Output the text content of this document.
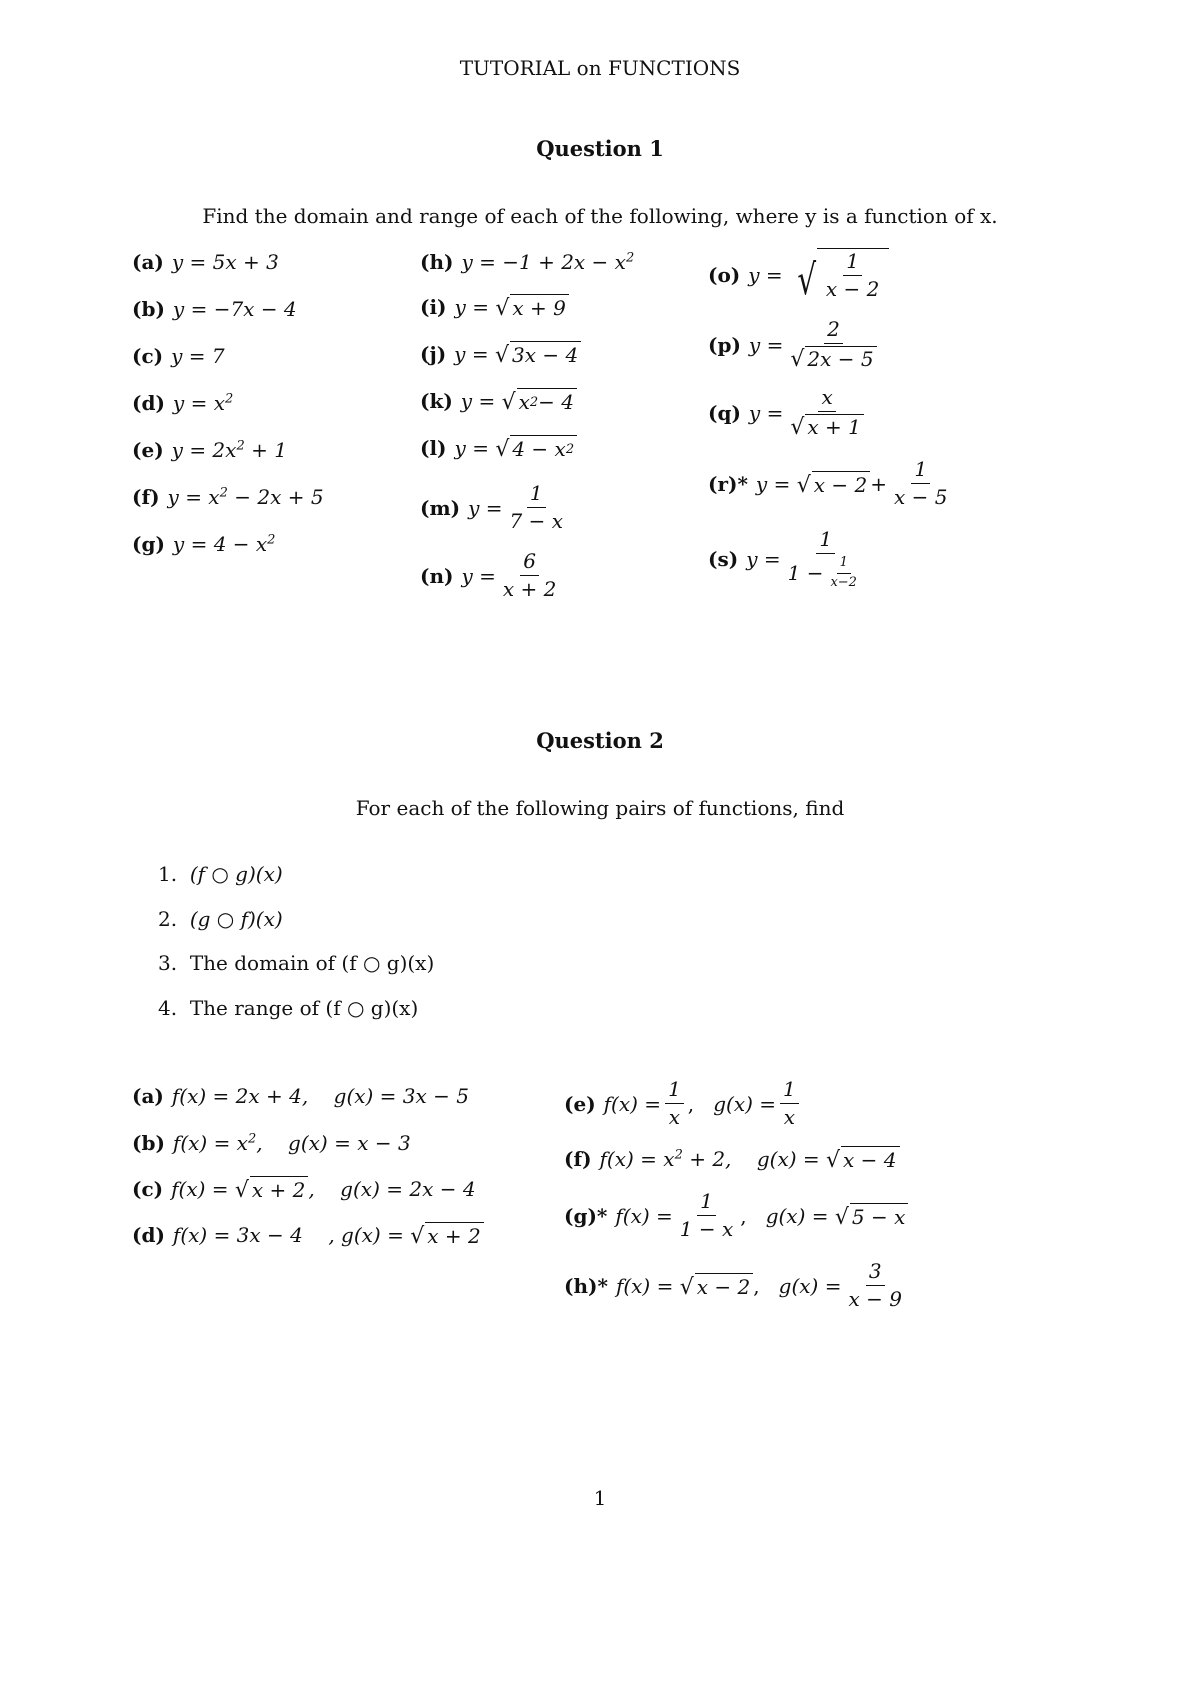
TUTORIAL on FUNCTIONS
Question 1
Find the domain and range of each of the following, where y is a function of x.
(a) y = 5x + 3
(b) y = −7x − 4
(c) y = 7
(d) $y = x^2$
(e) $y = 2x^2 + 1$
(f) $y = x^2 - 2x + 5$
(g) $y = 4 - x^2$
(h) $y = -1 + 2x - x^2$
(i) y =
√ x + 9
(j) y =
√ 3x − 4
(k) y =
√ x 2 − 4
(l) y =
√ 4 − x 2
(m) $y = \frac{1}{7 - x}$
(n) $y = \frac{6}{x + 2}$
(o) y =
√ $\frac{1}{x - 2}$
(p) $y = \frac{2}{√ 2x - 5}$
(q) $y = \frac{x}{√ x + 1}$
(r)* y =
√ $x - 2 + \frac{1}{x - 5}$
(s) $y = \frac{1}{1 - \frac{1}{x-2}}$
Question 2
For each of the following pairs of functions, find
1. (f ○ g)(x)
2. (g ○ f)(x)
3. The domain of (f ○ g)(x)
4. The range of (f ○ g)(x)
(a) f(x) = 2x + 4,    g(x) = 3x − 5
(b) $f(x) = x^2$,    g(x) = x − 3
(c) f(x) =
√ x + 2 ,    g(x) = 2x − 4
(d) f(x) = 3x − 4    , g(x) =
√ x + 2
(e) $f(x) = \frac{1}{x}$ ,
$g(x) = \frac{1}{x}$
(f) $f(x) = x^2 + 2$,    g(x) =
√ x − 4
(g)* $f(x) = \frac{1}{1 - x}$ ,
g(x) =
√ 5 − x
(h)* f(x) =
√ x − 2 ,
$g(x) = \frac{3}{x - 9}$
1
